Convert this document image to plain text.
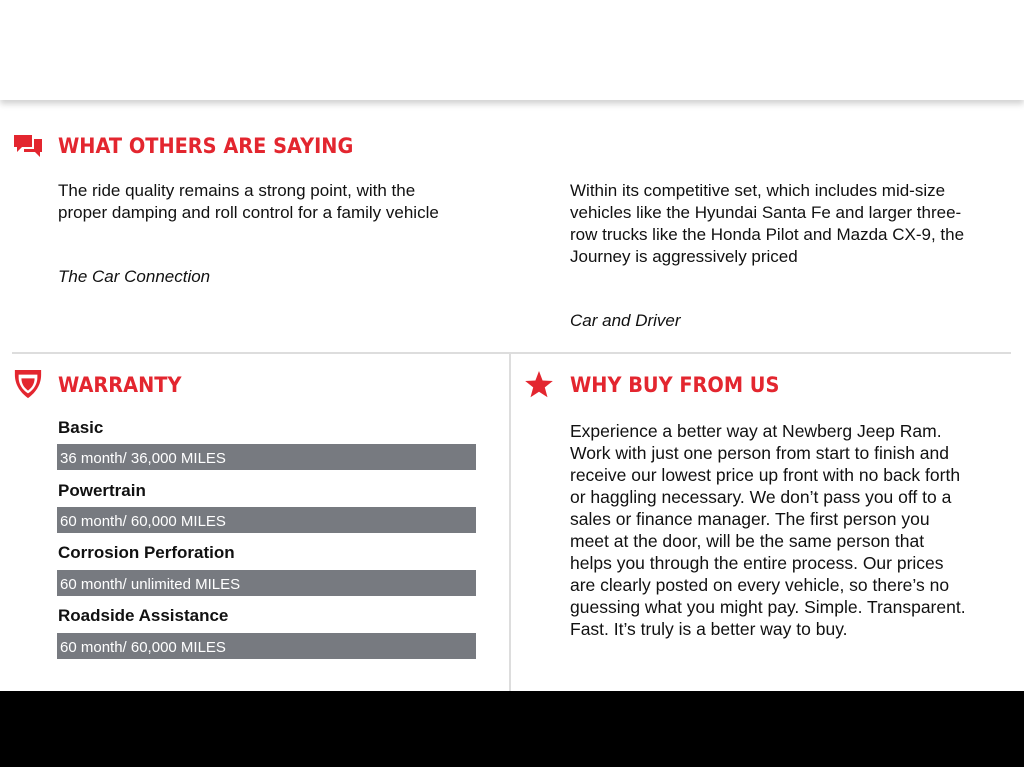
WHAT OTHERS ARE SAYING
The ride quality remains a strong point, with the proper damping and roll control for a family vehicle
The Car Connection
Within its competitive set, which includes mid-size vehicles like the Hyundai Santa Fe and larger three-row trucks like the Honda Pilot and Mazda CX-9, the Journey is aggressively priced
Car and Driver
WARRANTY
Basic
36 month/ 36,000 MILES
Powertrain
60 month/ 60,000 MILES
Corrosion Perforation
60 month/ unlimited MILES
Roadside Assistance
60 month/ 60,000 MILES
WHY BUY FROM US
Experience a better way at Newberg Jeep Ram. Work with just one person from start to finish and receive our lowest price up front with no back forth or haggling necessary. We don’t pass you off to a sales or finance manager. The first person you meet at the door, will be the same person that helps you through the entire process. Our prices are clearly posted on every vehicle, so there’s no guessing what you might pay. Simple. Transparent. Fast. It’s truly is a better way to buy.
